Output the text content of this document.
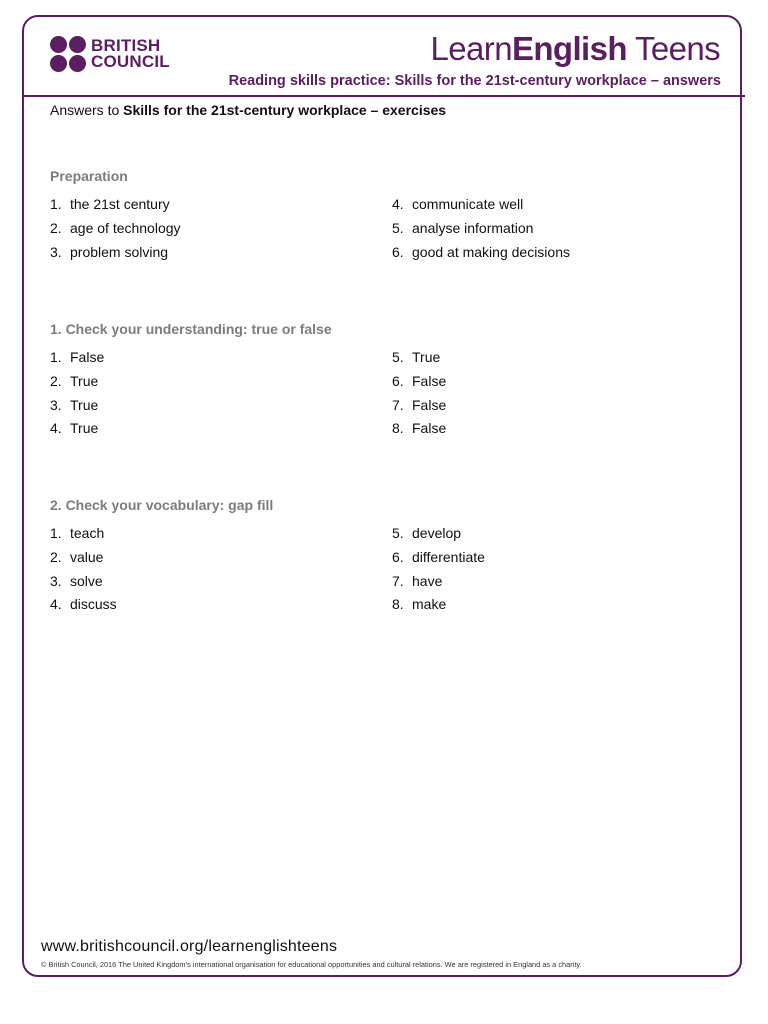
BRITISH
COUNCIL	LearnEnglish Teens
Reading skills practice: Skills for the 21st-century workplace – answers
Answers to Skills for the 21st-century workplace – exercises
Preparation
1. the 21st century
2. age of technology
3. problem solving
4. communicate well
5. analyse information
6. good at making decisions
1. Check your understanding: true or false
1. False
2. True
3. True
4. True
5. True
6. False
7. False
8. False
2. Check your vocabulary: gap fill
1. teach
2. value
3. solve
4. discuss
5. develop
6. differentiate
7. have
8. make
www.britishcouncil.org/learnenglishteens
© British Council, 2016 The United Kingdom’s international organisation for educational opportunities and cultural relations. We are registered in England as a charity.
